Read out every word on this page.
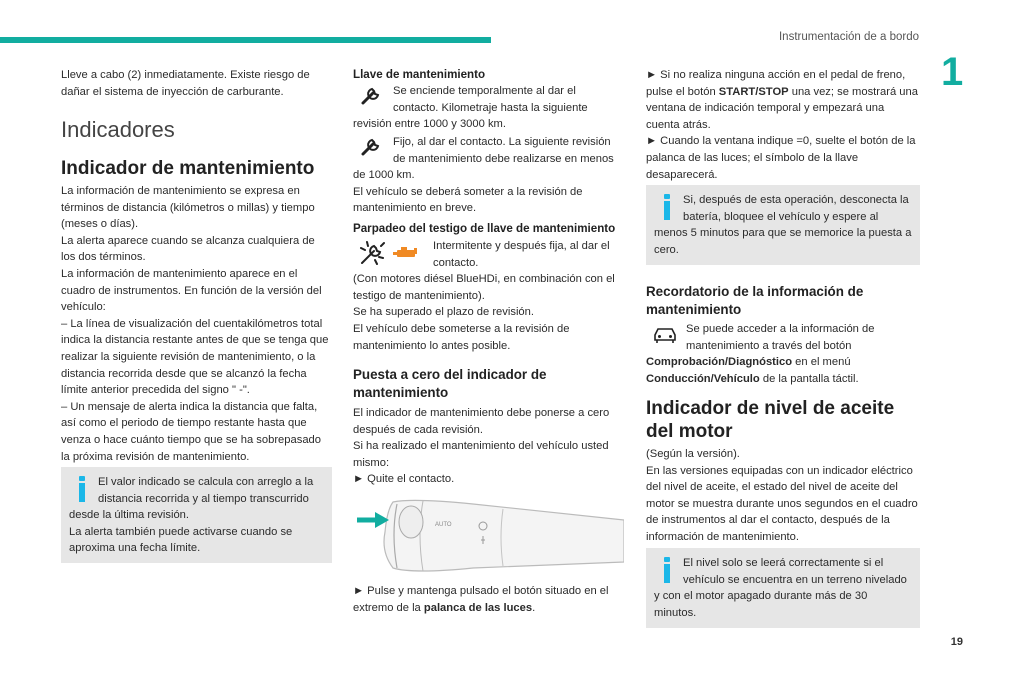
Instrumentación de a bordo
1
19

Lleve a cabo (2) inmediatamente. Existe riesgo de dañar el sistema de inyección de carburante.

Indicadores
Indicador de mantenimiento

La información de mantenimiento se expresa en términos de distancia (kilómetros o millas) y tiempo (meses o días).

La alerta aparece cuando se alcanza cualquiera de los dos términos.

La información de mantenimiento aparece en el cuadro de instrumentos. En función de la versión del vehículo:

– La línea de visualización del cuentakilómetros total indica la distancia restante antes de que se tenga que realizar la siguiente revisión de mantenimiento, o la distancia recorrida desde que se alcanzó la fecha límite anterior precedida del signo " -".

– Un mensaje de alerta indica la distancia que falta, así como el periodo de tiempo restante hasta que venza o hace cuánto tiempo que se ha sobrepasado la próxima revisión de mantenimiento.

El valor indicado se calcula con arreglo a la distancia recorrida y al tiempo transcurrido desde la última revisión.

La alerta también puede activarse cuando se aproxima una fecha límite.

Llave de mantenimiento

Se enciende temporalmente al dar el contacto. Kilometraje hasta la siguiente revisión entre 1000 y 3000 km.

Fijo, al dar el contacto. La siguiente revisión de mantenimiento debe realizarse en menos de 1000 km.

El vehículo se deberá someter a la revisión de mantenimiento en breve.

Parpadeo del testigo de llave de mantenimiento

Intermitente y después fija, al dar el contacto.

(Con motores diésel BlueHDi, en combinación con el testigo de mantenimiento).

Se ha superado el plazo de revisión.

El vehículo debe someterse a la revisión de mantenimiento lo antes posible.

Puesta a cero del indicador de mantenimiento

El indicador de mantenimiento debe ponerse a cero después de cada revisión.

Si ha realizado el mantenimiento del vehículo usted mismo:

► Quite el contacto.

AUTO

► Pulse y mantenga pulsado el botón situado en el extremo de la palanca de las luces.

► Si no realiza ninguna acción en el pedal de freno, pulse el botón START/STOP una vez; se mostrará una ventana de indicación temporal y empezará una cuenta atrás.

► Cuando la ventana indique =0, suelte el botón de la palanca de las luces; el símbolo de la llave desaparecerá.

Si, después de esta operación, desconecta la batería, bloquee el vehículo y espere al menos 5 minutos para que se memorice la puesta a cero.

Recordatorio de la información de mantenimiento

Se puede acceder a la información de mantenimiento a través del botón Comprobación/Diagnóstico en el menú Conducción/Vehículo de la pantalla táctil.

Indicador de nivel de aceite del motor

(Según la versión).

En las versiones equipadas con un indicador eléctrico del nivel de aceite, el estado del nivel de aceite del motor se muestra durante unos segundos en el cuadro de instrumentos al dar el contacto, después de la información de mantenimiento.

El nivel solo se leerá correctamente si el vehículo se encuentra en un terreno nivelado y con el motor apagado durante más de 30 minutos.
